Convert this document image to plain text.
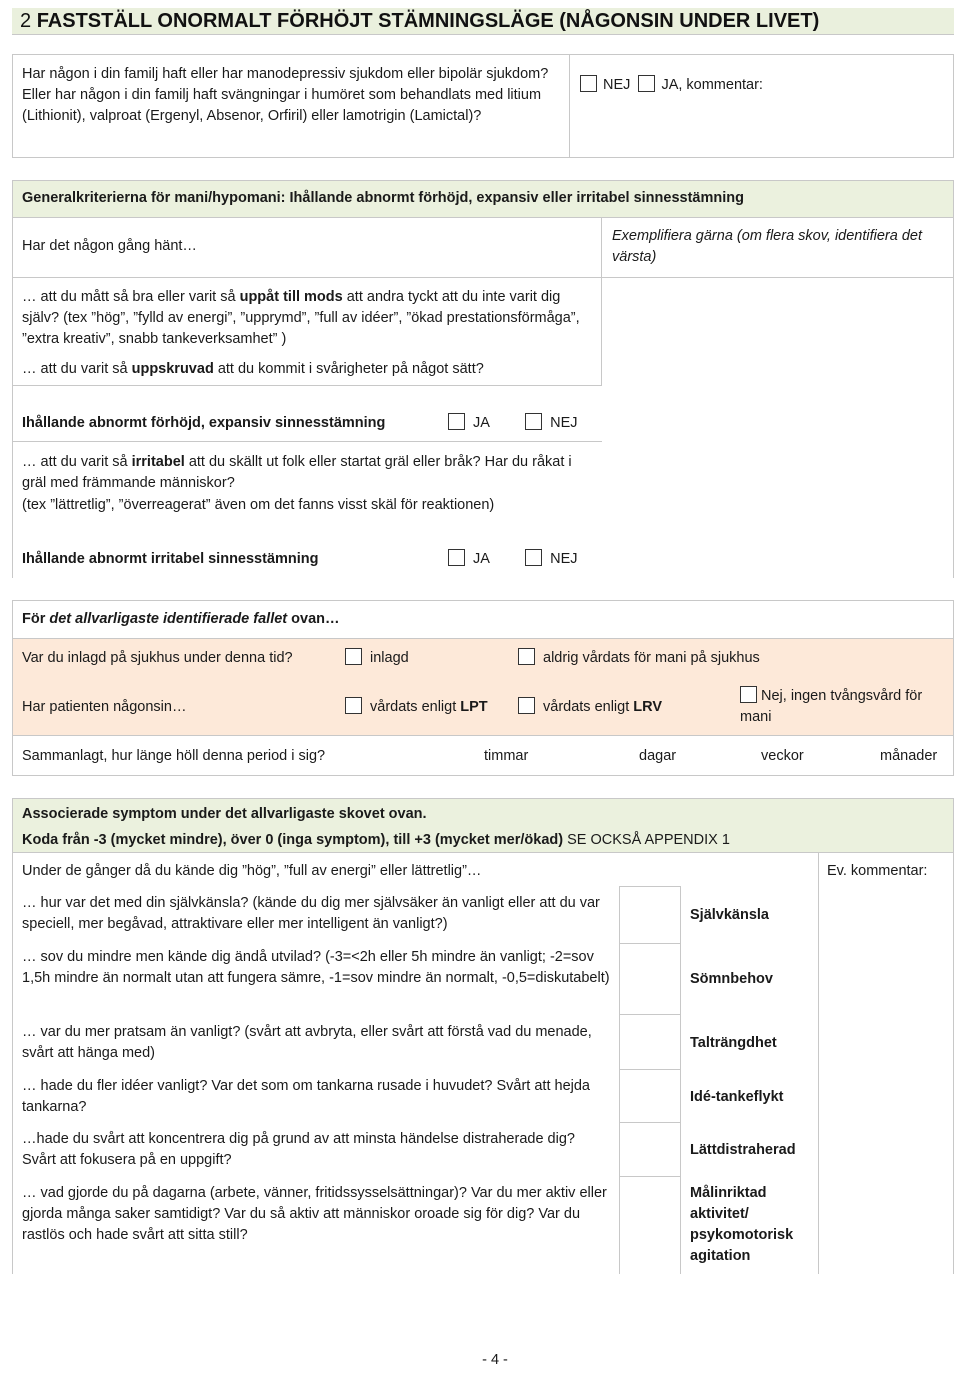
2 FASTSTÄLL ONORMALT FÖRHÖJT STÄMNINGSLÄGE (NÅGONSIN UNDER LIVET)
Har någon i din familj haft eller har manodepressiv sjukdom eller bipolär sjukdom? Eller har någon i din familj haft svängningar i humöret som behandlats med litium (Lithionit), valproat (Ergenyl, Absenor, Orfiril) eller lamotrigin (Lamictal)?
NEJ JA, kommentar:
Generalkriterierna för mani/hypomani: Ihållande abnormt förhöjd, expansiv eller irritabel sinnesstämning
Har det någon gång hänt…
Exemplifiera gärna (om flera skov, identifiera det värsta)
… att du mått så bra eller varit så uppåt till mods att andra tyckt att du inte varit dig själv? (tex ”hög”, ”fylld av energi”, ”upprymd”, ”full av idéer”, ”ökad prestationsförmåga”, ”extra kreativ”, snabb tankeverksamhet” )
… att du varit så uppskruvad att du kommit i svårigheter på något sätt?
Ihållande abnormt förhöjd, expansiv sinnesstämning	JA	NEJ
… att du varit så irritabel att du skällt ut folk eller startat gräl eller bråk? Har du råkat i gräl med främmande människor?
(tex ”lättretlig”, ”överreagerat” även om det fanns visst skäl för reaktionen)
Ihållande abnormt irritabel sinnesstämning	JA	NEJ
För det allvarligaste identifierade fallet ovan…
Var du inlagd på sjukhus under denna tid?	inlagd	aldrig vårdats för mani på sjukhus
Har patienten någonsin…	vårdats enligt LPT	vårdats enligt LRV
Nej, ingen tvångsvård för mani
Sammanlagt, hur länge höll denna period i sig?	timmar	dagar	veckor	månader
Associerade symptom under det allvarligaste skovet ovan.
Koda från -3 (mycket mindre), över 0 (inga symptom), till +3 (mycket mer/ökad) SE OCKSÅ APPENDIX 1
Under de gånger då du kände dig ”hög”, ”full av energi” eller lättretlig”…	Ev. kommentar:
… hur var det med din självkänsla? (kände du dig mer självsäker än vanligt eller att du var speciell, mer begåvad, attraktivare eller mer intelligent än vanligt?)
Självkänsla
… sov du mindre men kände dig ändå utvilad? (-3=<2h eller 5h mindre än vanligt; -2=sov 1,5h mindre än normalt utan att fungera sämre, -1=sov mindre än normalt, -0,5=diskutabelt)	Sömnbehov
… var du mer pratsam än vanligt? (svårt att avbryta, eller svårt att förstå vad du menade, svårt att hänga med)
Talträngdhet
… hade du fler idéer vanligt? Var det som om tankarna rusade i huvudet? Svårt att hejda tankarna?
Idé-tankeflykt
…hade du svårt att koncentrera dig på grund av att minsta händelse distraherade dig? Svårt att fokusera på en uppgift?
Lättdistraherad
… vad gjorde du på dagarna (arbete, vänner, fritidssysselsättningar)? Var du mer aktiv eller gjorda många saker samtidigt? Var du så aktiv att människor oroade sig för dig? Var du rastlös och hade svårt att sitta still?
Målinriktad aktivitet/ psykomotorisk agitation
- 4 -
